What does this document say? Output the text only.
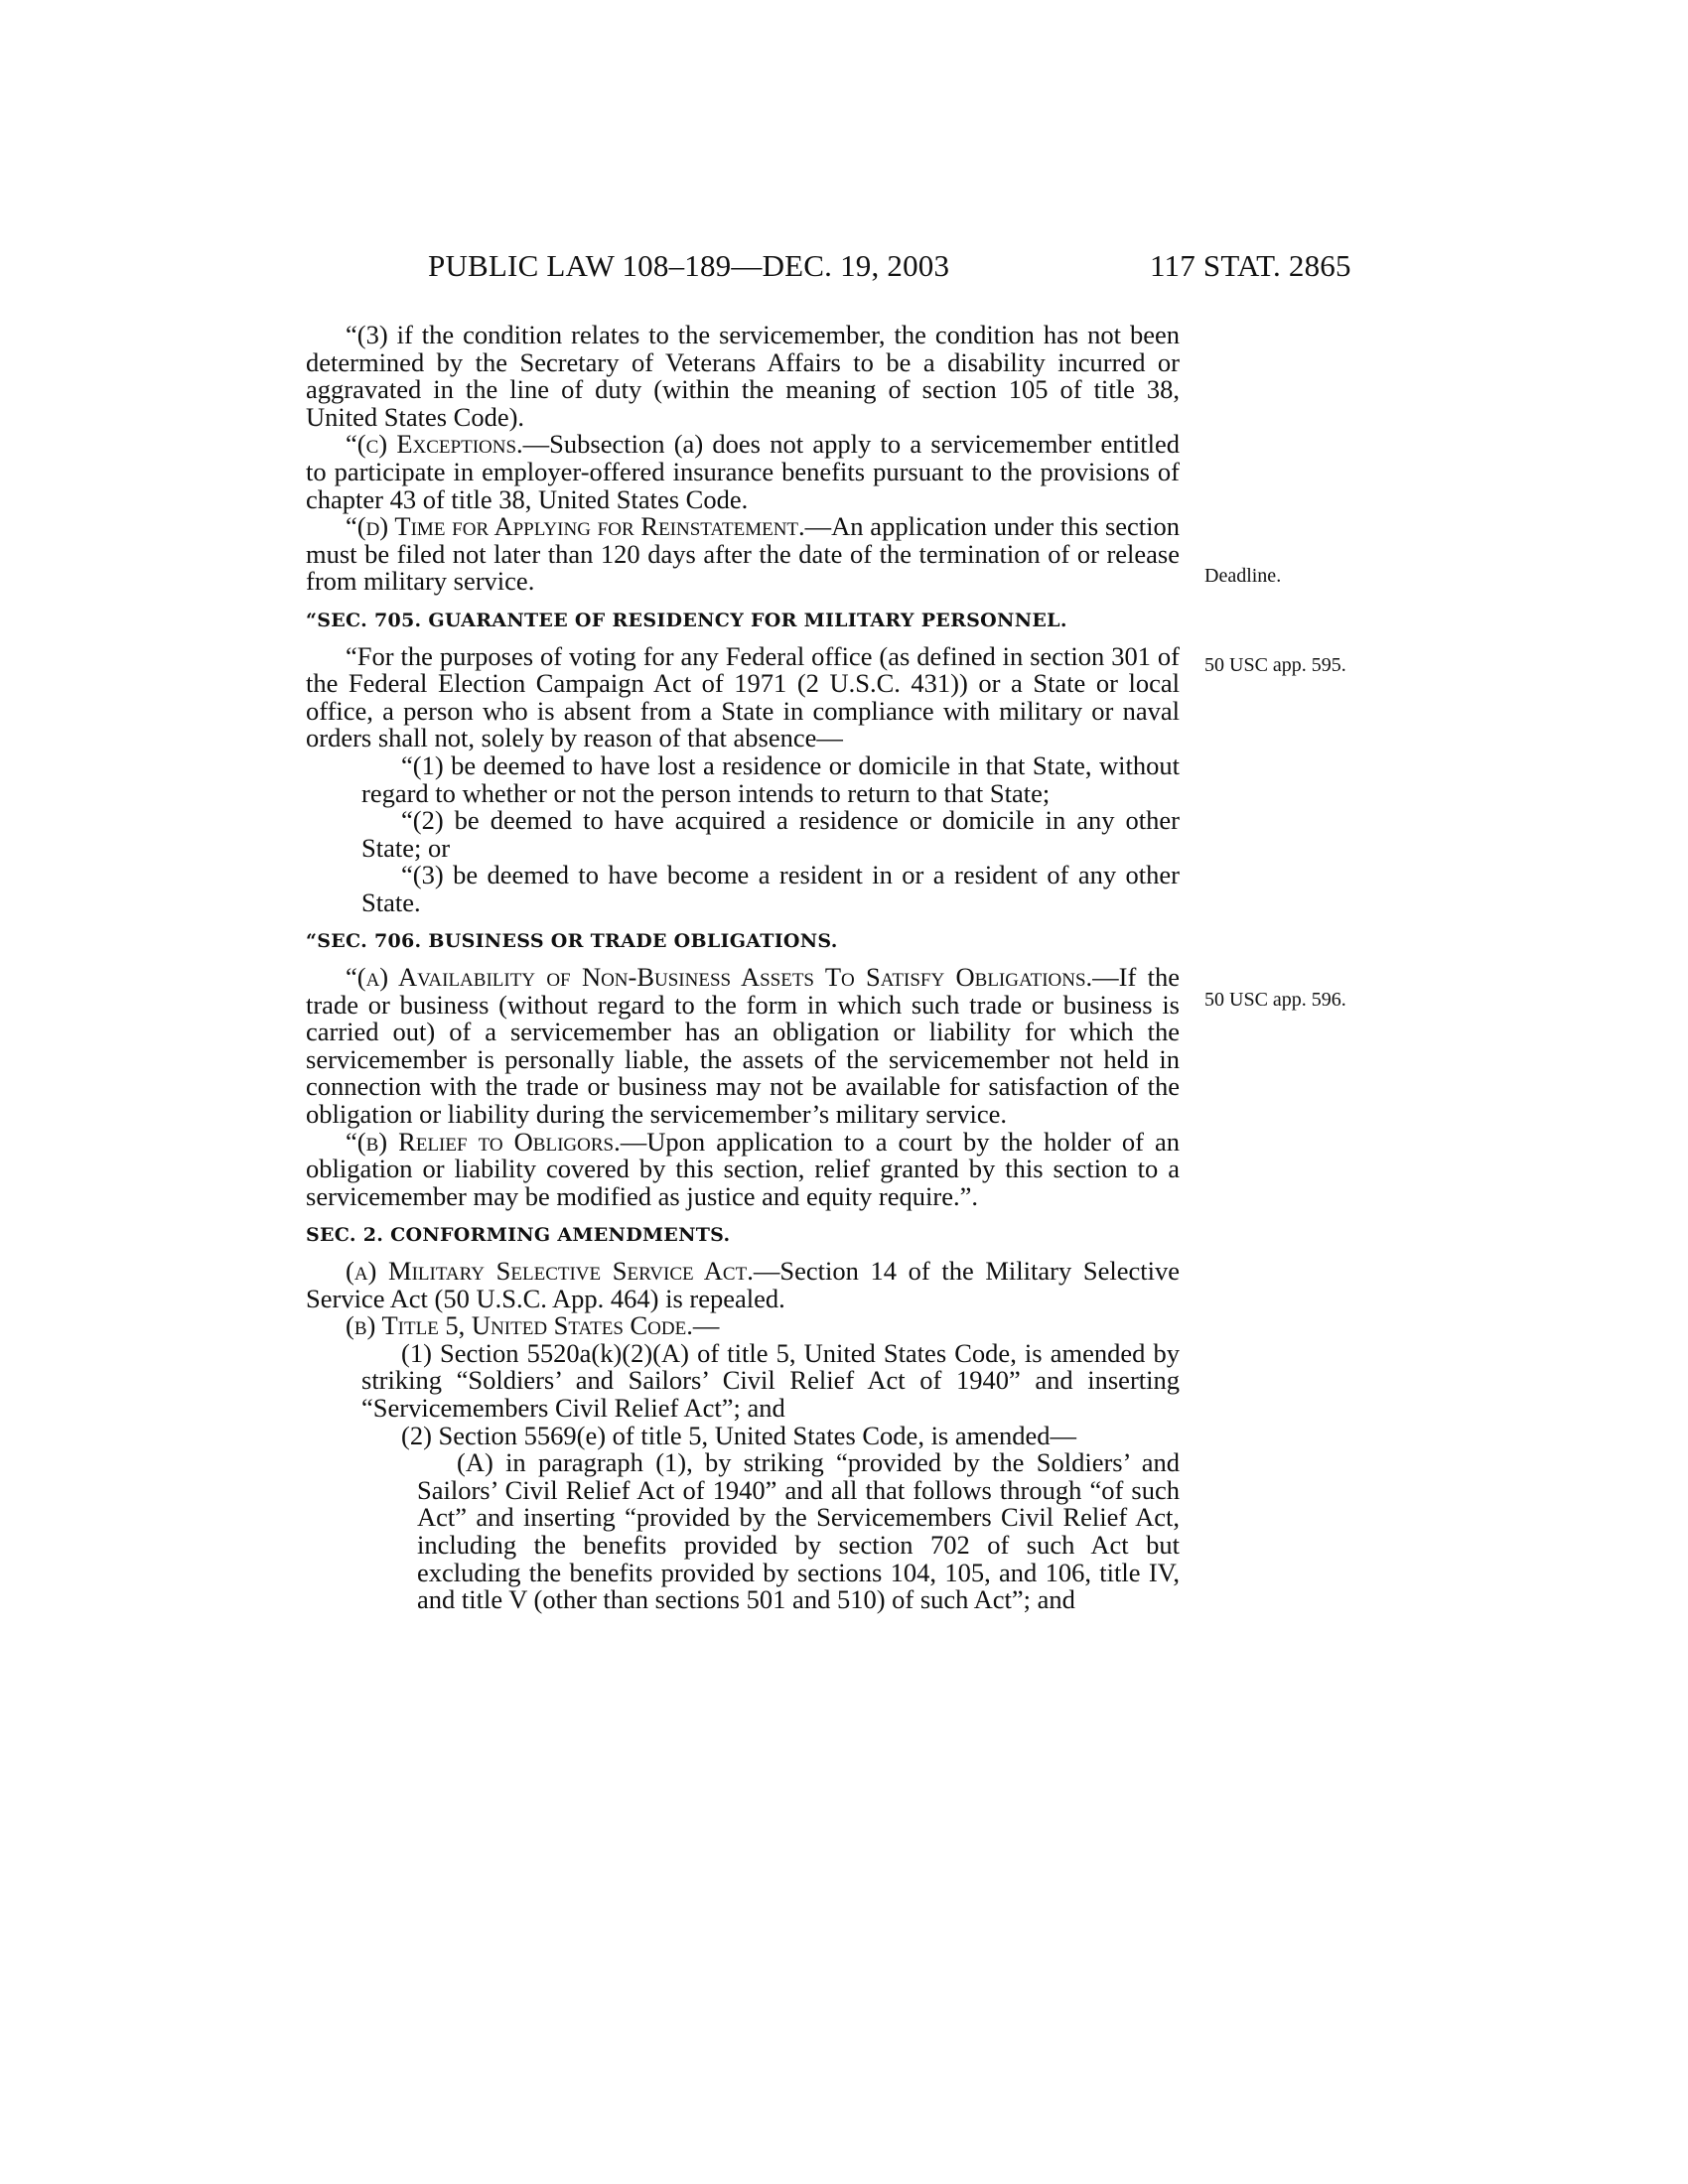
PUBLIC LAW 108–189—DEC. 19, 2003	117 STAT. 2865
Deadline.
50 USC app. 595.
50 USC app. 596.

“(3) if the condition relates to the servicemember, the condition has not been determined by the Secretary of Veterans Affairs to be a disability incurred or aggravated in the line of duty (within the meaning of section 105 of title 38, United States Code).

“(c) Exceptions.—Subsection (a) does not apply to a servicemember entitled to participate in employer-offered insurance benefits pursuant to the provisions of chapter 43 of title 38, United States Code.

“(d) Time for Applying for Reinstatement.—An application under this section must be filed not later than 120 days after the date of the termination of or release from military service.

“SEC. 705. GUARANTEE OF RESIDENCY FOR MILITARY PERSONNEL.

“For the purposes of voting for any Federal office (as defined in section 301 of the Federal Election Campaign Act of 1971 (2 U.S.C. 431)) or a State or local office, a person who is absent from a State in compliance with military or naval orders shall not, solely by reason of that absence—

“(1) be deemed to have lost a residence or domicile in that State, without regard to whether or not the person intends to return to that State;

“(2) be deemed to have acquired a residence or domicile in any other State; or

“(3) be deemed to have become a resident in or a resident of any other State.

“SEC. 706. BUSINESS OR TRADE OBLIGATIONS.

“(a) Availability of Non-Business Assets To Satisfy Obligations.—If the trade or business (without regard to the form in which such trade or business is carried out) of a servicemember has an obligation or liability for which the servicemember is personally liable, the assets of the servicemember not held in connection with the trade or business may not be available for satisfaction of the obligation or liability during the servicemember’s military service.

“(b) Relief to Obligors.—Upon application to a court by the holder of an obligation or liability covered by this section, relief granted by this section to a servicemember may be modified as justice and equity require.”.

SEC. 2. CONFORMING AMENDMENTS.

(a) Military Selective Service Act.—Section 14 of the Military Selective Service Act (50 U.S.C. App. 464) is repealed.

(b) Title 5, United States Code.—

(1) Section 5520a(k)(2)(A) of title 5, United States Code, is amended by striking “Soldiers’ and Sailors’ Civil Relief Act of 1940” and inserting “Servicemembers Civil Relief Act”; and

(2) Section 5569(e) of title 5, United States Code, is amended—

(A) in paragraph (1), by striking “provided by the Soldiers’ and Sailors’ Civil Relief Act of 1940” and all that follows through “of such Act” and inserting “provided by the Servicemembers Civil Relief Act, including the benefits provided by section 702 of such Act but excluding the benefits provided by sections 104, 105, and 106, title IV, and title V (other than sections 501 and 510) of such Act”; and
